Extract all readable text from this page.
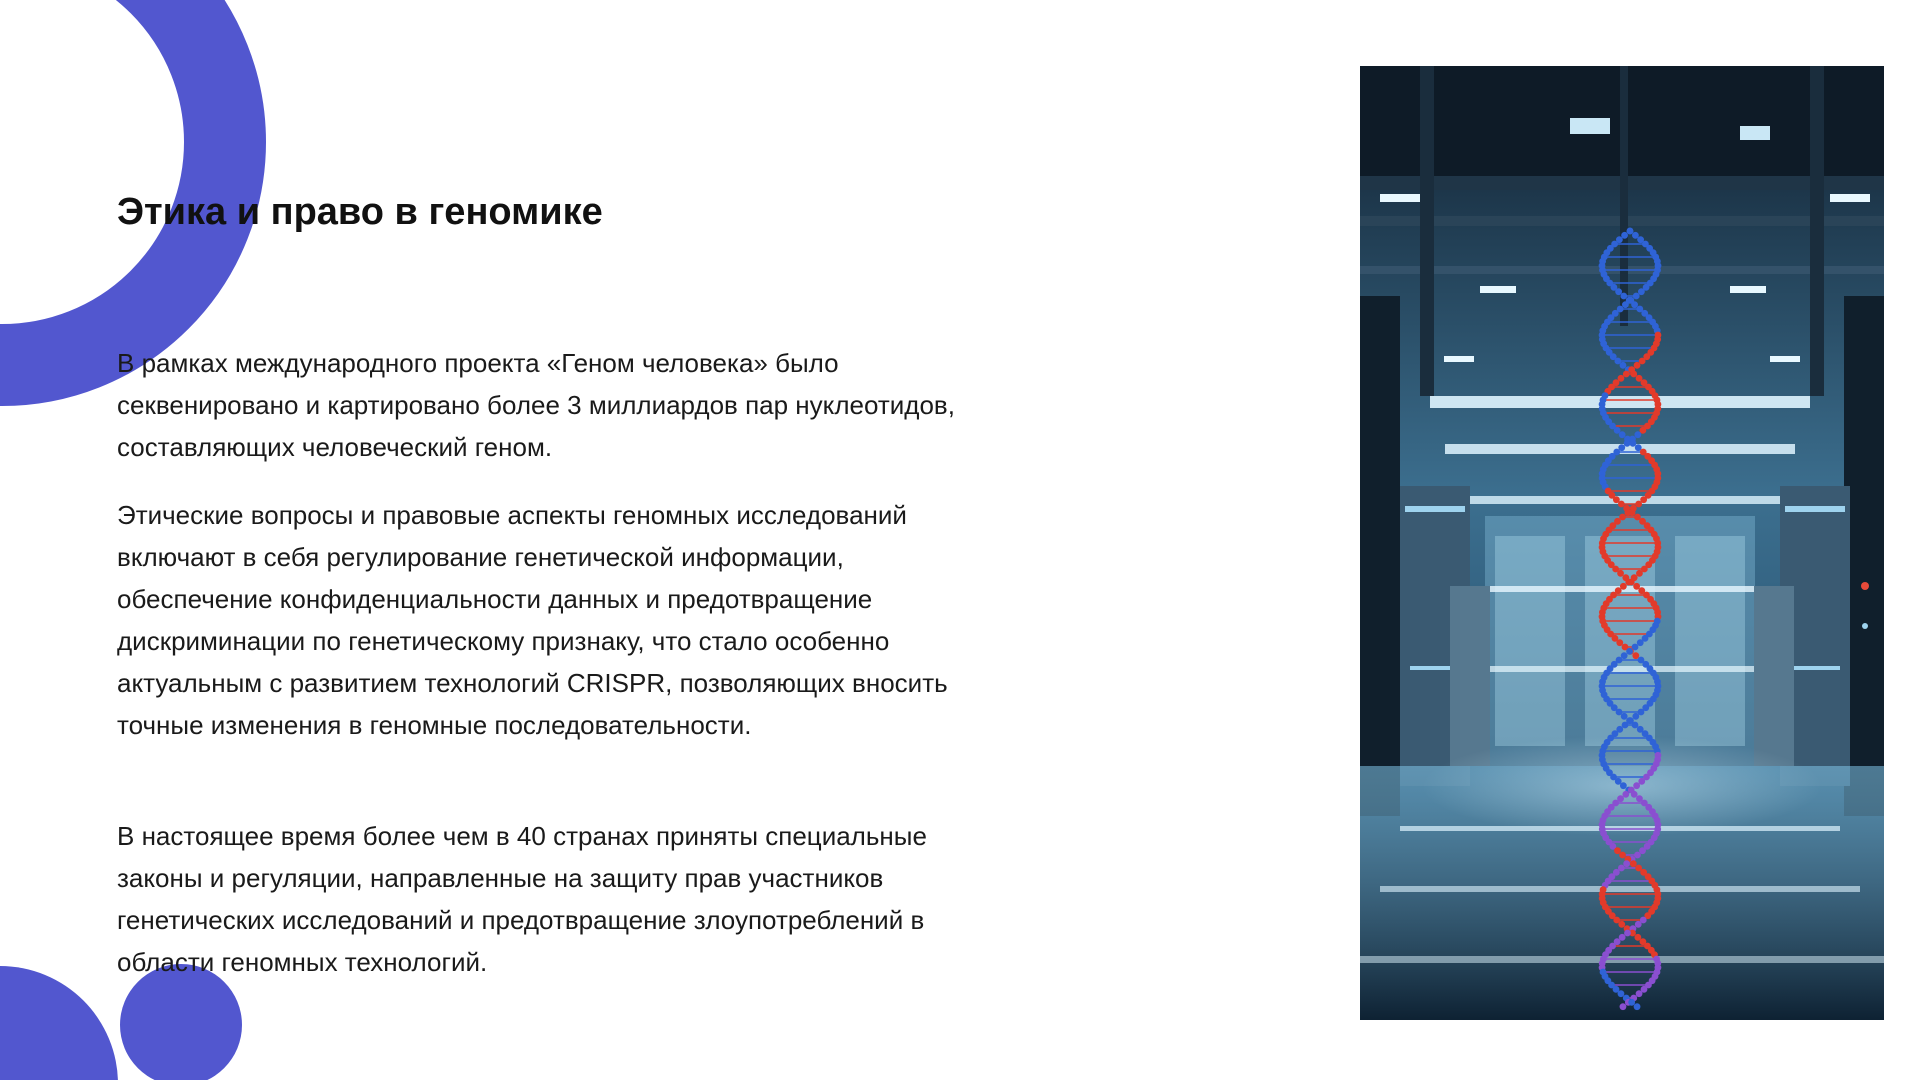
Этика и право в геномике

В рамках международного проекта «Геном человека» было секвенировано и картировано более 3 миллиардов пар нуклеотидов, составляющих человеческий геном.

Этические вопросы и правовые аспекты геномных исследований включают в себя регулирование генетической информации, обеспечение конфиденциальности данных и предотвращение дискриминации по генетическому признаку, что стало особенно актуальным с развитием технологий CRISPR, позволяющих вносить точные изменения в геномные последовательности.

В настоящее время более чем в 40 странах приняты специальные законы и регуляции, направленные на защиту прав участников генетических исследований и предотвращение злоупотреблений в области геномных технологий.
